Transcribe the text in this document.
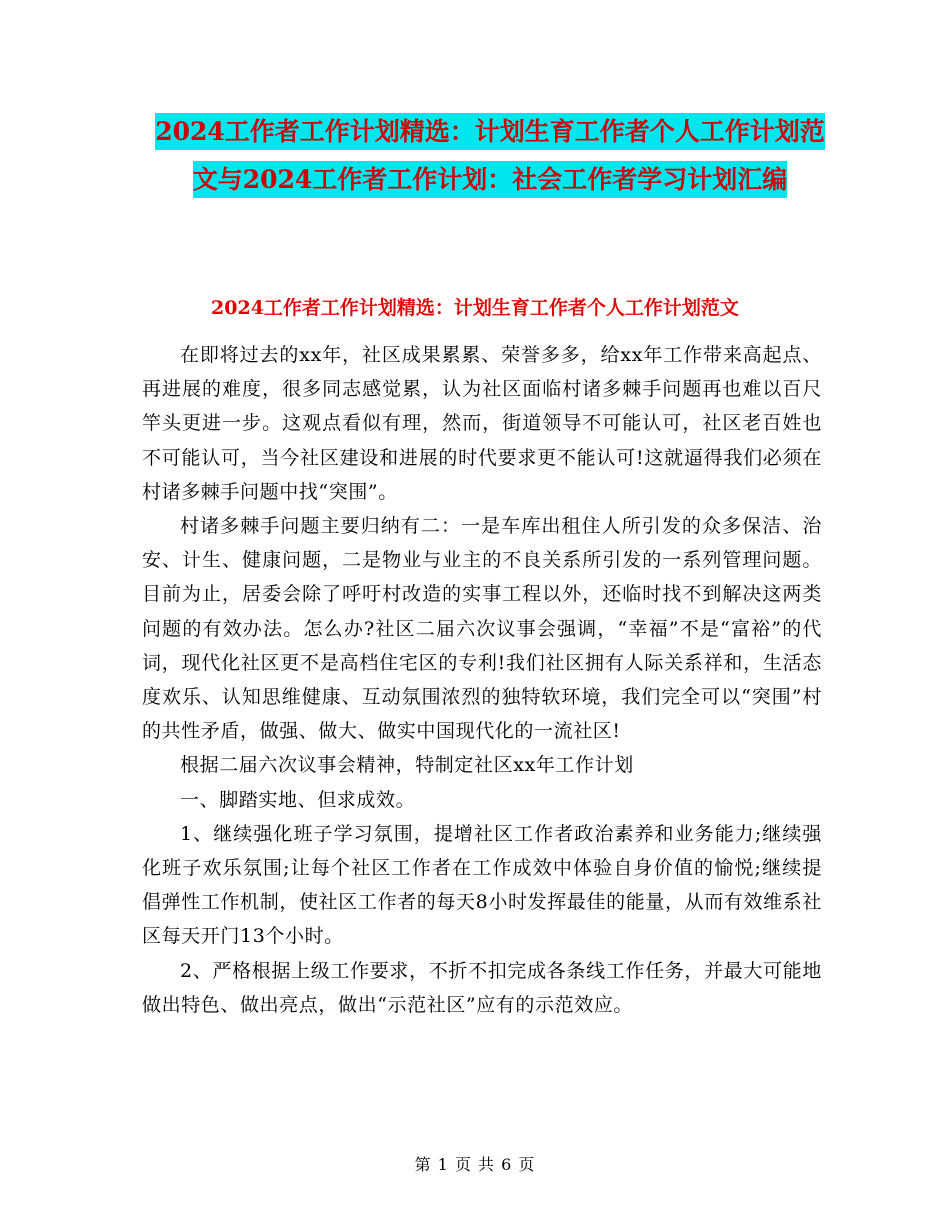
2024工作者工作计划精选：计划生育工作者个人工作计划范文与2024工作者工作计划：社会工作者学习计划汇编
2024工作者工作计划精选：计划生育工作者个人工作计划范文

在即将过去的xx年，社区成果累累、荣誉多多，给xx年工作带来高起点、再进展的难度，很多同志感觉累，认为社区面临村诸多棘手问题再也难以百尺竿头更进一步。这观点看似有理，然而，街道领导不可能认可，社区老百姓也不可能认可，当今社区建设和进展的时代要求更不能认可!这就逼得我们必须在村诸多棘手问题中找“突围”。

村诸多棘手问题主要归纳有二：一是车库出租住人所引发的众多保洁、治安、计生、健康问题，二是物业与业主的不良关系所引发的一系列管理问题。目前为止，居委会除了呼吁村改造的实事工程以外，还临时找不到解决这两类问题的有效办法。怎么办?社区二届六次议事会强调，“幸福”不是“富裕”的代词，现代化社区更不是高档住宅区的专利!我们社区拥有人际关系祥和，生活态度欢乐、认知思维健康、互动氛围浓烈的独特软环境，我们完全可以“突围”村的共性矛盾，做强、做大、做实中国现代化的一流社区!

根据二届六次议事会精神，特制定社区xx年工作计划

一、脚踏实地、但求成效。

1、继续强化班子学习氛围，提增社区工作者政治素养和业务能力;继续强化班子欢乐氛围;让每个社区工作者在工作成效中体验自身价值的愉悦;继续提倡弹性工作机制，使社区工作者的每天8小时发挥最佳的能量，从而有效维系社区每天开门13个小时。

2、严格根据上级工作要求，不折不扣完成各条线工作任务，并最大可能地做出特色、做出亮点，做出“示范社区”应有的示范效应。

第 1 页 共 6 页
